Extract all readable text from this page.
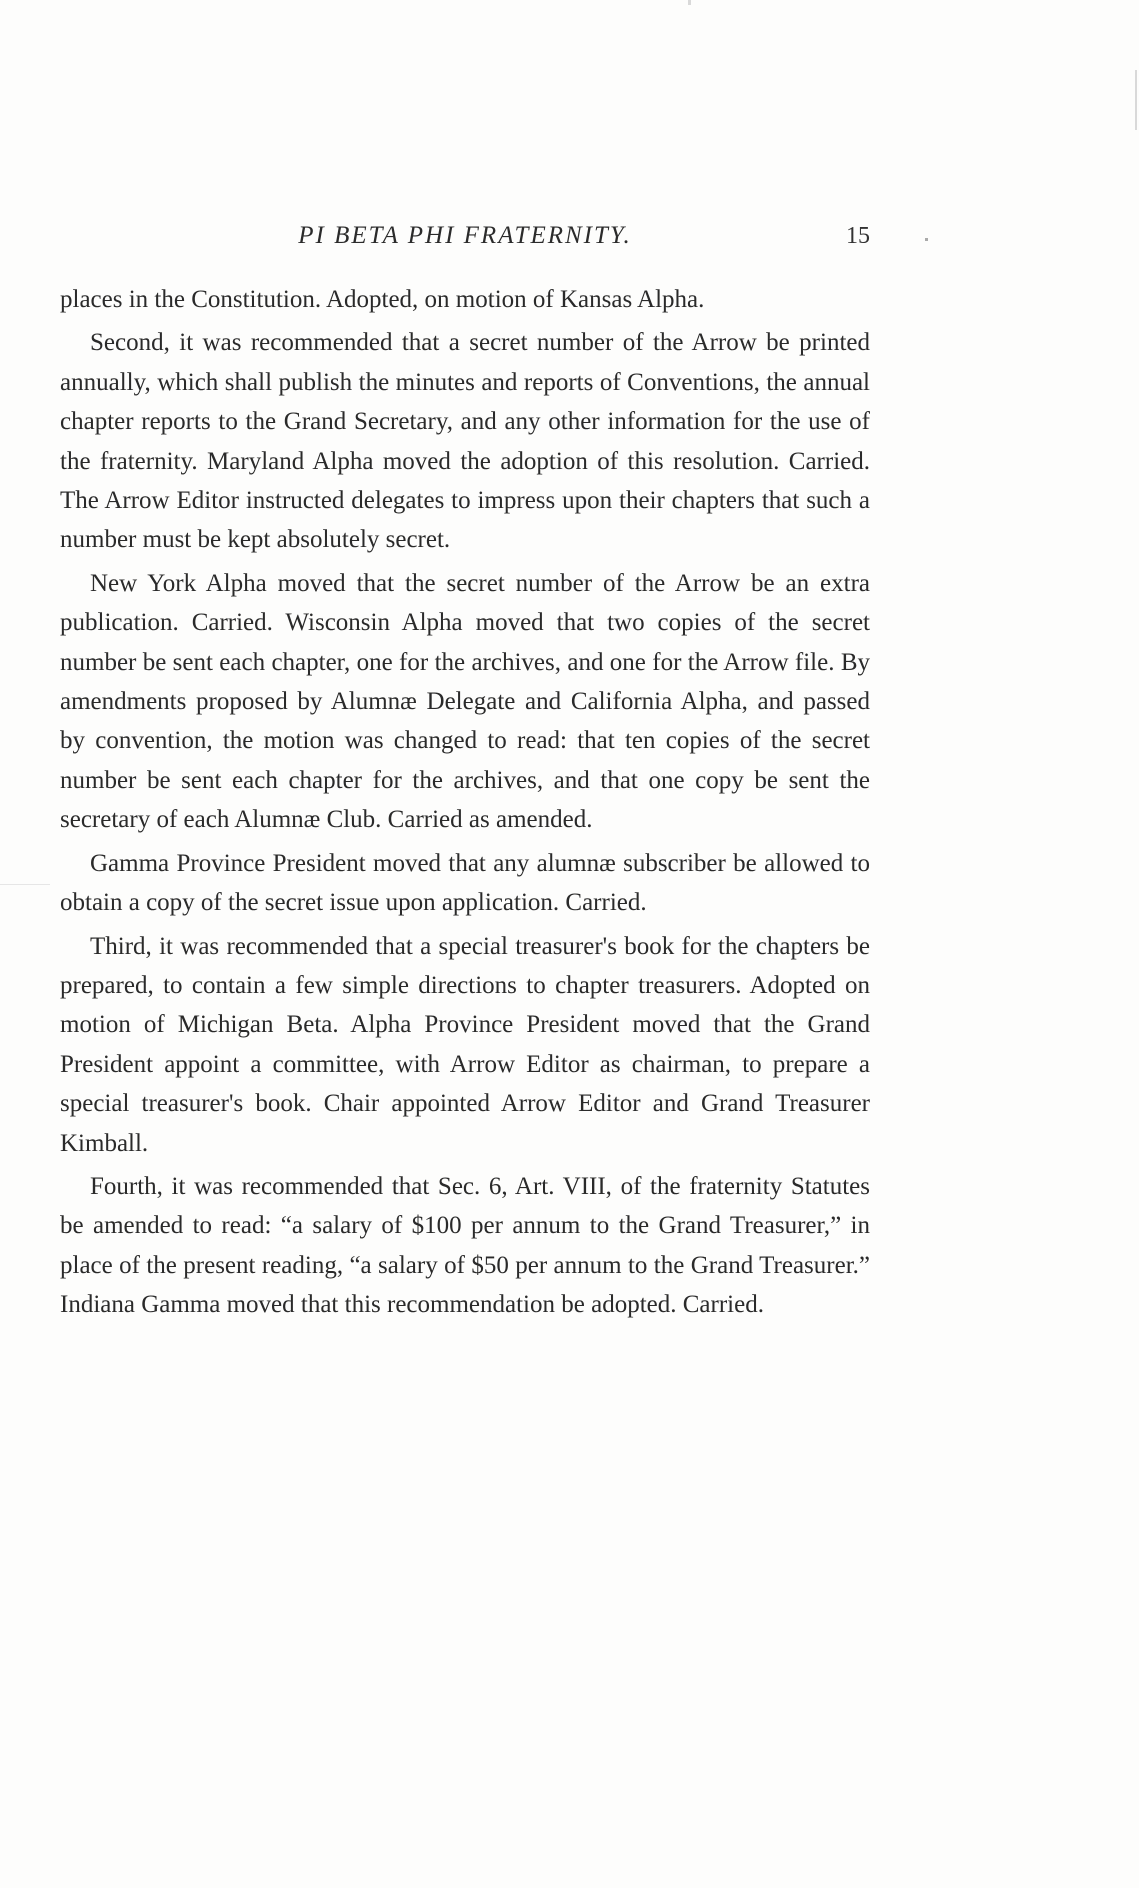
PI BETA PHI FRATERNITY.	15

places in the Constitution. Adopted, on motion of Kansas Alpha.

Second, it was recommended that a secret number of the Arrow be printed annually, which shall publish the minutes and reports of Conventions, the annual chapter reports to the Grand Secretary, and any other information for the use of the fraternity. Maryland Alpha moved the adoption of this resolution. Carried. The Arrow Editor instructed delegates to impress upon their chapters that such a number must be kept absolutely secret.

New York Alpha moved that the secret number of the Arrow be an extra publication. Carried. Wisconsin Alpha moved that two copies of the secret number be sent each chapter, one for the archives, and one for the Arrow file. By amendments proposed by Alumnæ Delegate and California Alpha, and passed by convention, the motion was changed to read: that ten copies of the secret number be sent each chapter for the archives, and that one copy be sent the secretary of each Alumnæ Club. Carried as amended.

Gamma Province President moved that any alumnæ subscriber be allowed to obtain a copy of the secret issue upon application. Carried.

Third, it was recommended that a special treasurer's book for the chapters be prepared, to contain a few simple directions to chapter treasurers. Adopted on motion of Michigan Beta. Alpha Province President moved that the Grand President appoint a committee, with Arrow Editor as chairman, to prepare a special treasurer's book. Chair appointed Arrow Editor and Grand Treasurer Kimball.

Fourth, it was recommended that Sec. 6, Art. VIII, of the fraternity Statutes be amended to read: “a salary of $100 per annum to the Grand Treasurer,” in place of the present reading, “a salary of $50 per annum to the Grand Treasurer.” Indiana Gamma moved that this recommendation be adopted. Carried.
